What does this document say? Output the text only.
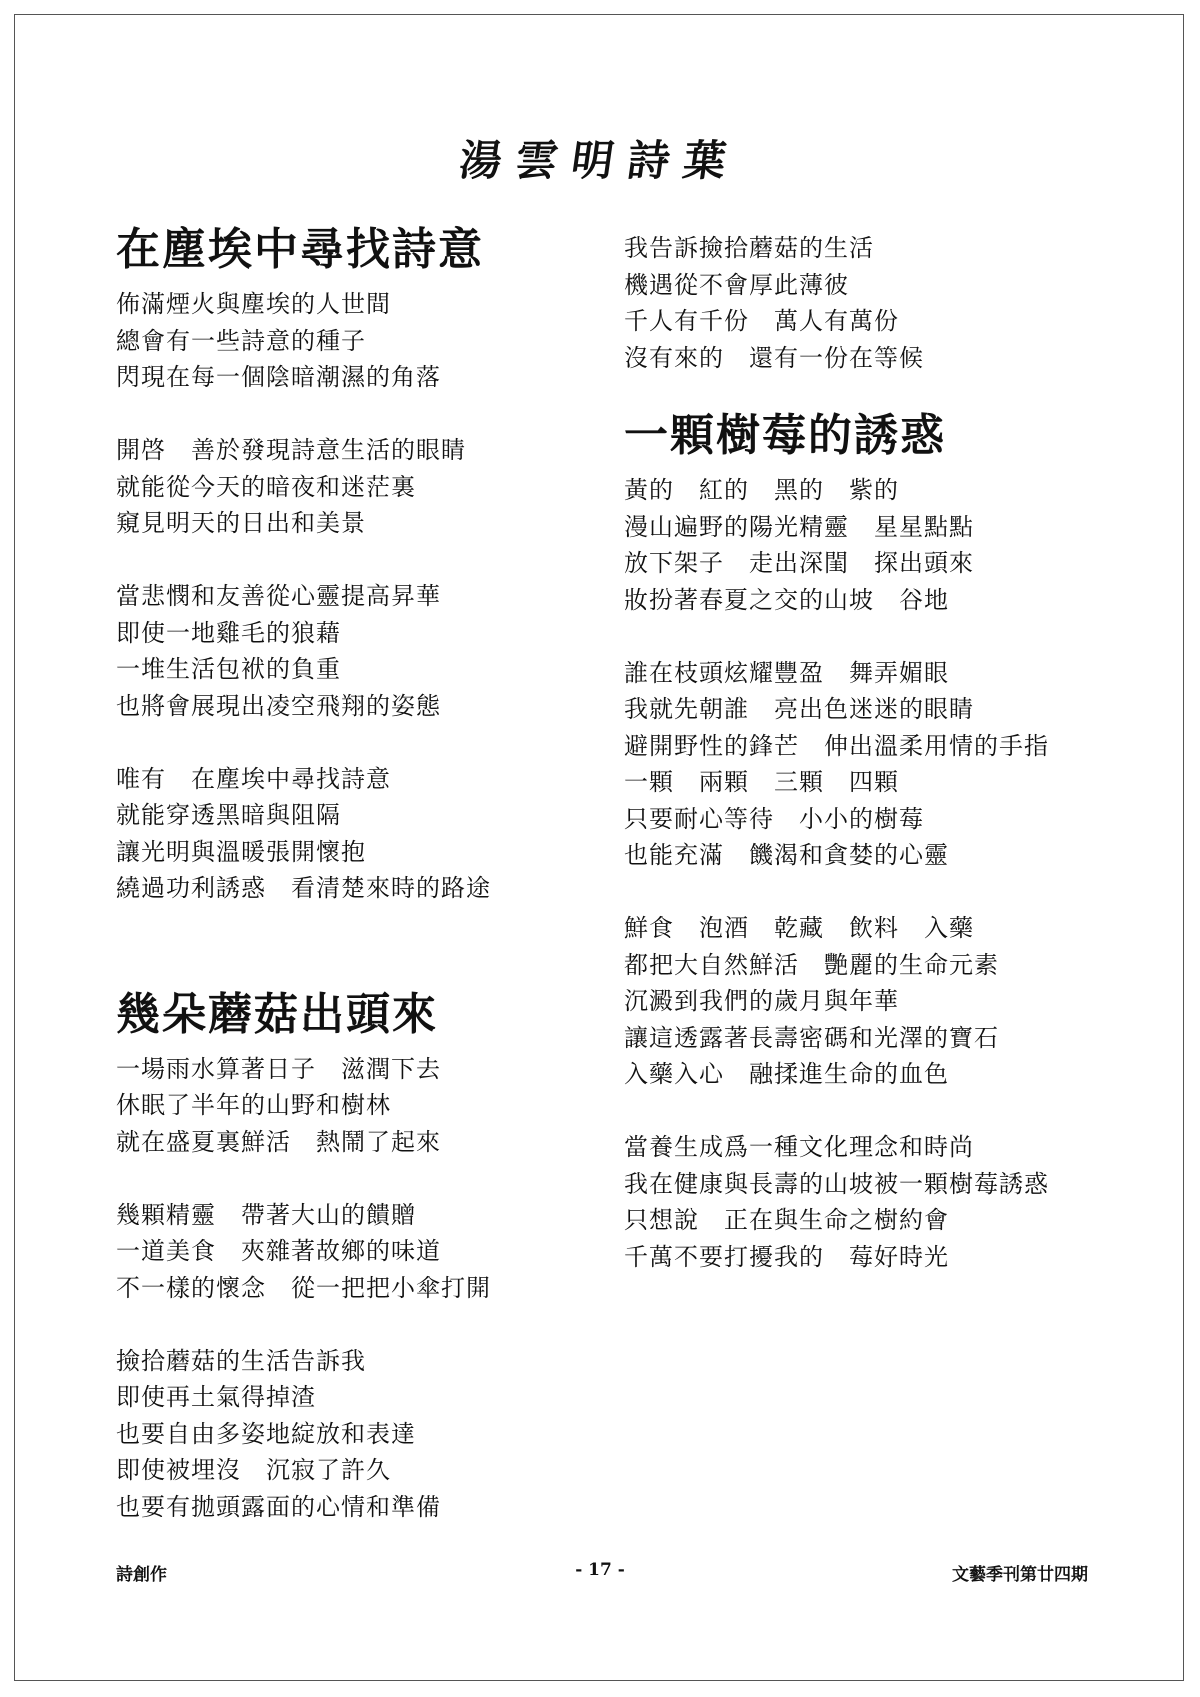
湯雲明詩葉
在塵埃中尋找詩意
佈滿煙火與塵埃的人世間
總會有一些詩意的種子
閃現在每一個陰暗潮濕的角落
開啓　善於發現詩意生活的眼睛
就能從今天的暗夜和迷茫裏
窺見明天的日出和美景
當悲憫和友善從心靈提高昇華
即使一地雞毛的狼藉
一堆生活包袱的負重
也將會展現出凌空飛翔的姿態
唯有　在塵埃中尋找詩意
就能穿透黑暗與阻隔
讓光明與溫暖張開懷抱
繞過功利誘惑　看清楚來時的路途
幾朵蘑菇出頭來
一場雨水算著日子　滋潤下去
休眠了半年的山野和樹林
就在盛夏裏鮮活　熱鬧了起來
幾顆精靈　帶著大山的饋贈
一道美食　夾雜著故鄉的味道
不一樣的懷念　從一把把小傘打開
撿拾蘑菇的生活告訴我
即使再土氣得掉渣
也要自由多姿地綻放和表達
即使被埋沒　沉寂了許久
也要有拋頭露面的心情和準備
我告訴撿拾蘑菇的生活
機遇從不會厚此薄彼
千人有千份　萬人有萬份
沒有來的　還有一份在等候
一顆樹莓的誘惑
黃的　紅的　黑的　紫的
漫山遍野的陽光精靈　星星點點
放下架子　走出深閨　探出頭來
妝扮著春夏之交的山坡　谷地
誰在枝頭炫耀豐盈　舞弄媚眼
我就先朝誰　亮出色迷迷的眼睛
避開野性的鋒芒　伸出溫柔用情的手指
一顆　兩顆　三顆　四顆
只要耐心等待　小小的樹莓
也能充滿　饑渴和貪婪的心靈
鮮食　泡酒　乾藏　飲料　入藥
都把大自然鮮活　艷麗的生命元素
沉澱到我們的歲月與年華
讓這透露著長壽密碼和光澤的寶石
入藥入心　融揉進生命的血色
當養生成爲一種文化理念和時尚
我在健康與長壽的山坡被一顆樹莓誘惑
只想說　正在與生命之樹約會
千萬不要打擾我的　莓好時光
詩創作	- 17 -	文藝季刊第廿四期
